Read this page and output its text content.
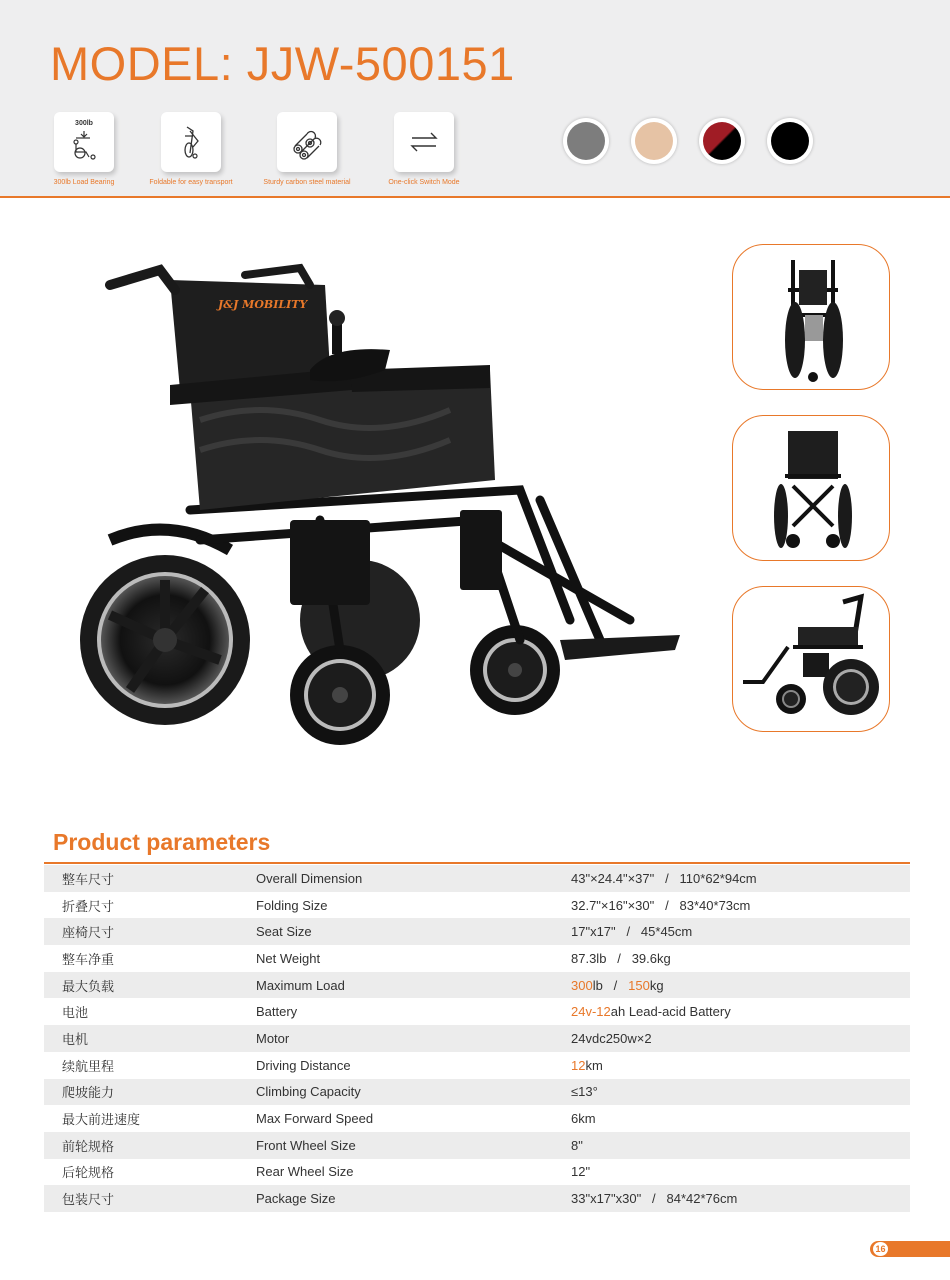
MODEL: JJW-500151
300lb
300lb Load Bearing	Foldable for easy transport	Sturdy carbon steel material	One-click Switch Mode
J&J MOBILITY
Product parameters
整车尺寸	Overall Dimension	43"×24.4"×37"   /   110*62*94cm
折叠尺寸	Folding Size	32.7"×16"×30"   /   83*40*73cm
座椅尺寸	Seat Size	17"x17"   /   45*45cm
整车净重	Net Weight	87.3lb   /   39.6kg
最大负载	Maximum Load	300lb   /   150kg
电池	Battery	24v-12ah Lead-acid Battery
电机	Motor	24vdc250w×2
续航里程	Driving Distance	12km
爬坡能力	Climbing Capacity	≤13°
最大前进速度	Max Forward Speed	6km
前轮规格	Front Wheel Size	8"
后轮规格	Rear Wheel Size	12"
包装尺寸	Package Size	33"x17"x30"   /   84*42*76cm
16
